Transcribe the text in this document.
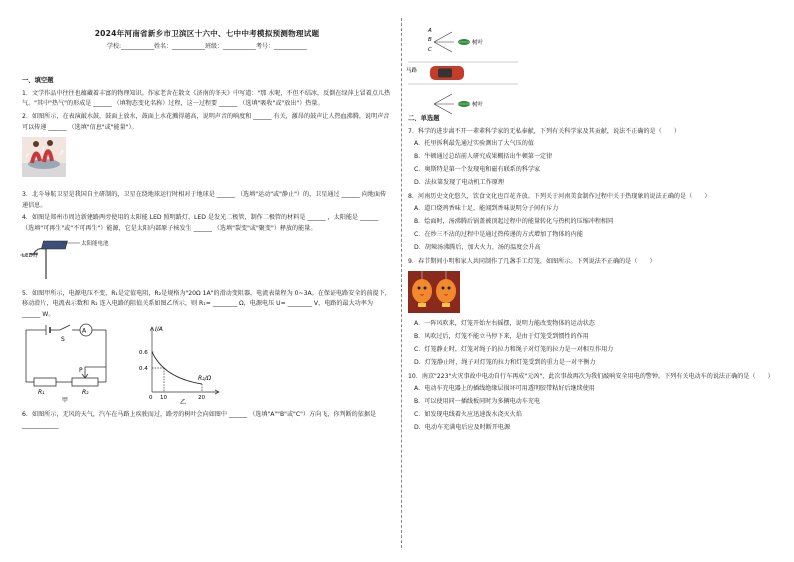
2024年河南省新乡市卫滨区十六中、七中中考模拟预测物理试题
学校:___________姓名：___________班级：___________考号：___________
一、填空题
1．文学作品中往往也蕴藏着丰富的物理知识。作家老舍在散文《济南的冬天》中写道："那 水呢，不但不结冰，反倒在绿萍上冒着点儿热气。"其中"热气"的形成是 ______ （填物态变化名称）过程，这一过程要 ______ （选填"吸收"或"放出"）热量。
2．如图所示，在表演敲水鼓，鼓面上放水，鼓面上水花溅得越高，说明声音的响度和 ______ 有关，激昂的鼓声让人热血沸腾，说明声音可以传递 ______ （选填"信息"或"能量"）。
3．北斗导航卫星是我国自主研制的，卫星在绕地球运行时相对于地球是 ______ （选填"运动"或"静止"）的，卫星通过 ______ 向地面传递信息。
4．如图是郑州市周边新建路两旁使用的太阳能 LED 照明路灯，LED 是发光二极管，制作二极管的材料是 ______ ，太阳能是 ______ （选填"可再生"或"不可再生"）能源，它是太阳内部原子核发生 ______ （选填"裂变"或"聚变"）释放的能量。
太阳能电池
LED灯
5．如图甲所示，电源电压不变，R₁是定值电阻，R₂是规格为"20Ω 1A"的滑动变阻器，电流表量程为 0~3A。在保证电路安全的前提下，移动滑片，电流表示数和 R₂ 连入电路的阻值关系如图乙所示，则 R₁= ________ Ω，电源电压 U= ________ V，电路的最大功率为 ______ W。
A
S
P
R₁	R₂
甲
I/A
0.6
0.4
0 10	20
R₂/Ω
乙
6．如图所示，无风的天气，汽车在马路上疾驶而过，路旁的树叶会向如图中 ______ （选填"A""B"或"C"）方向飞，你判断的依据是 ____________
A
B
C
树叶
马路
树叶
二、单选题
7．科学的进步离不开一辈辈科学家的无私奉献，下列有关科学家及其贡献，说法不正确的是（　　）
A．托里拆利最先通过实验测出了大气压的值
B．牛顿通过总结前人研究成果概括出牛顿第一定律
C．奥斯特是第一个发现电和磁有联系的科学家
D．法拉第发现了电动机工作原理
8．河南历史文化悠久，饮食文化也百花齐放。下列关于河南美食制作过程中关于热现象的说法正确的是（　　）
A．道口烧鸡香味十足，能闻到香味说明分子间有斥力
B．烩面时，汤沸腾后锅盖被顶起过程中的能量转化与热机的压缩冲程相同
C．在炒三不沾的过程中是通过热传递的方式增加了物体的内能
D．胡辣汤沸腾后，加大火力，汤的温度会升高
9．春节期间小明和家人共同制作了几盏手工灯笼，如图所示。下列说法不正确的是（　　）
A．一阵风吹来，灯笼开始左右摇摆，说明力能改变物体的运动状态
B．风吹过后，灯笼不能立马停下来，是由于灯笼受到惯性的作用
C．灯笼静止时，灯笼对绳子的拉力和绳子对灯笼的拉力是一对相互作用力
D．灯笼静止时，绳子对灯笼的拉力和灯笼受到的重力是一对平衡力
10．南京"223"火灾事故中电动自行车再成"元凶"，此次事故再次为我们敲响安全用电的警钟。下列有关电动车的说法正确的是（　　）
A．电动车充电器上的插线绝缘层损坏可用透明胶带粘好后继续使用
B．可以使用同一插线板同时为多辆电动车充电
C．如发现电线着火应迅速泼水浇灭火焰
D．电动车充满电后应及时断开电源
